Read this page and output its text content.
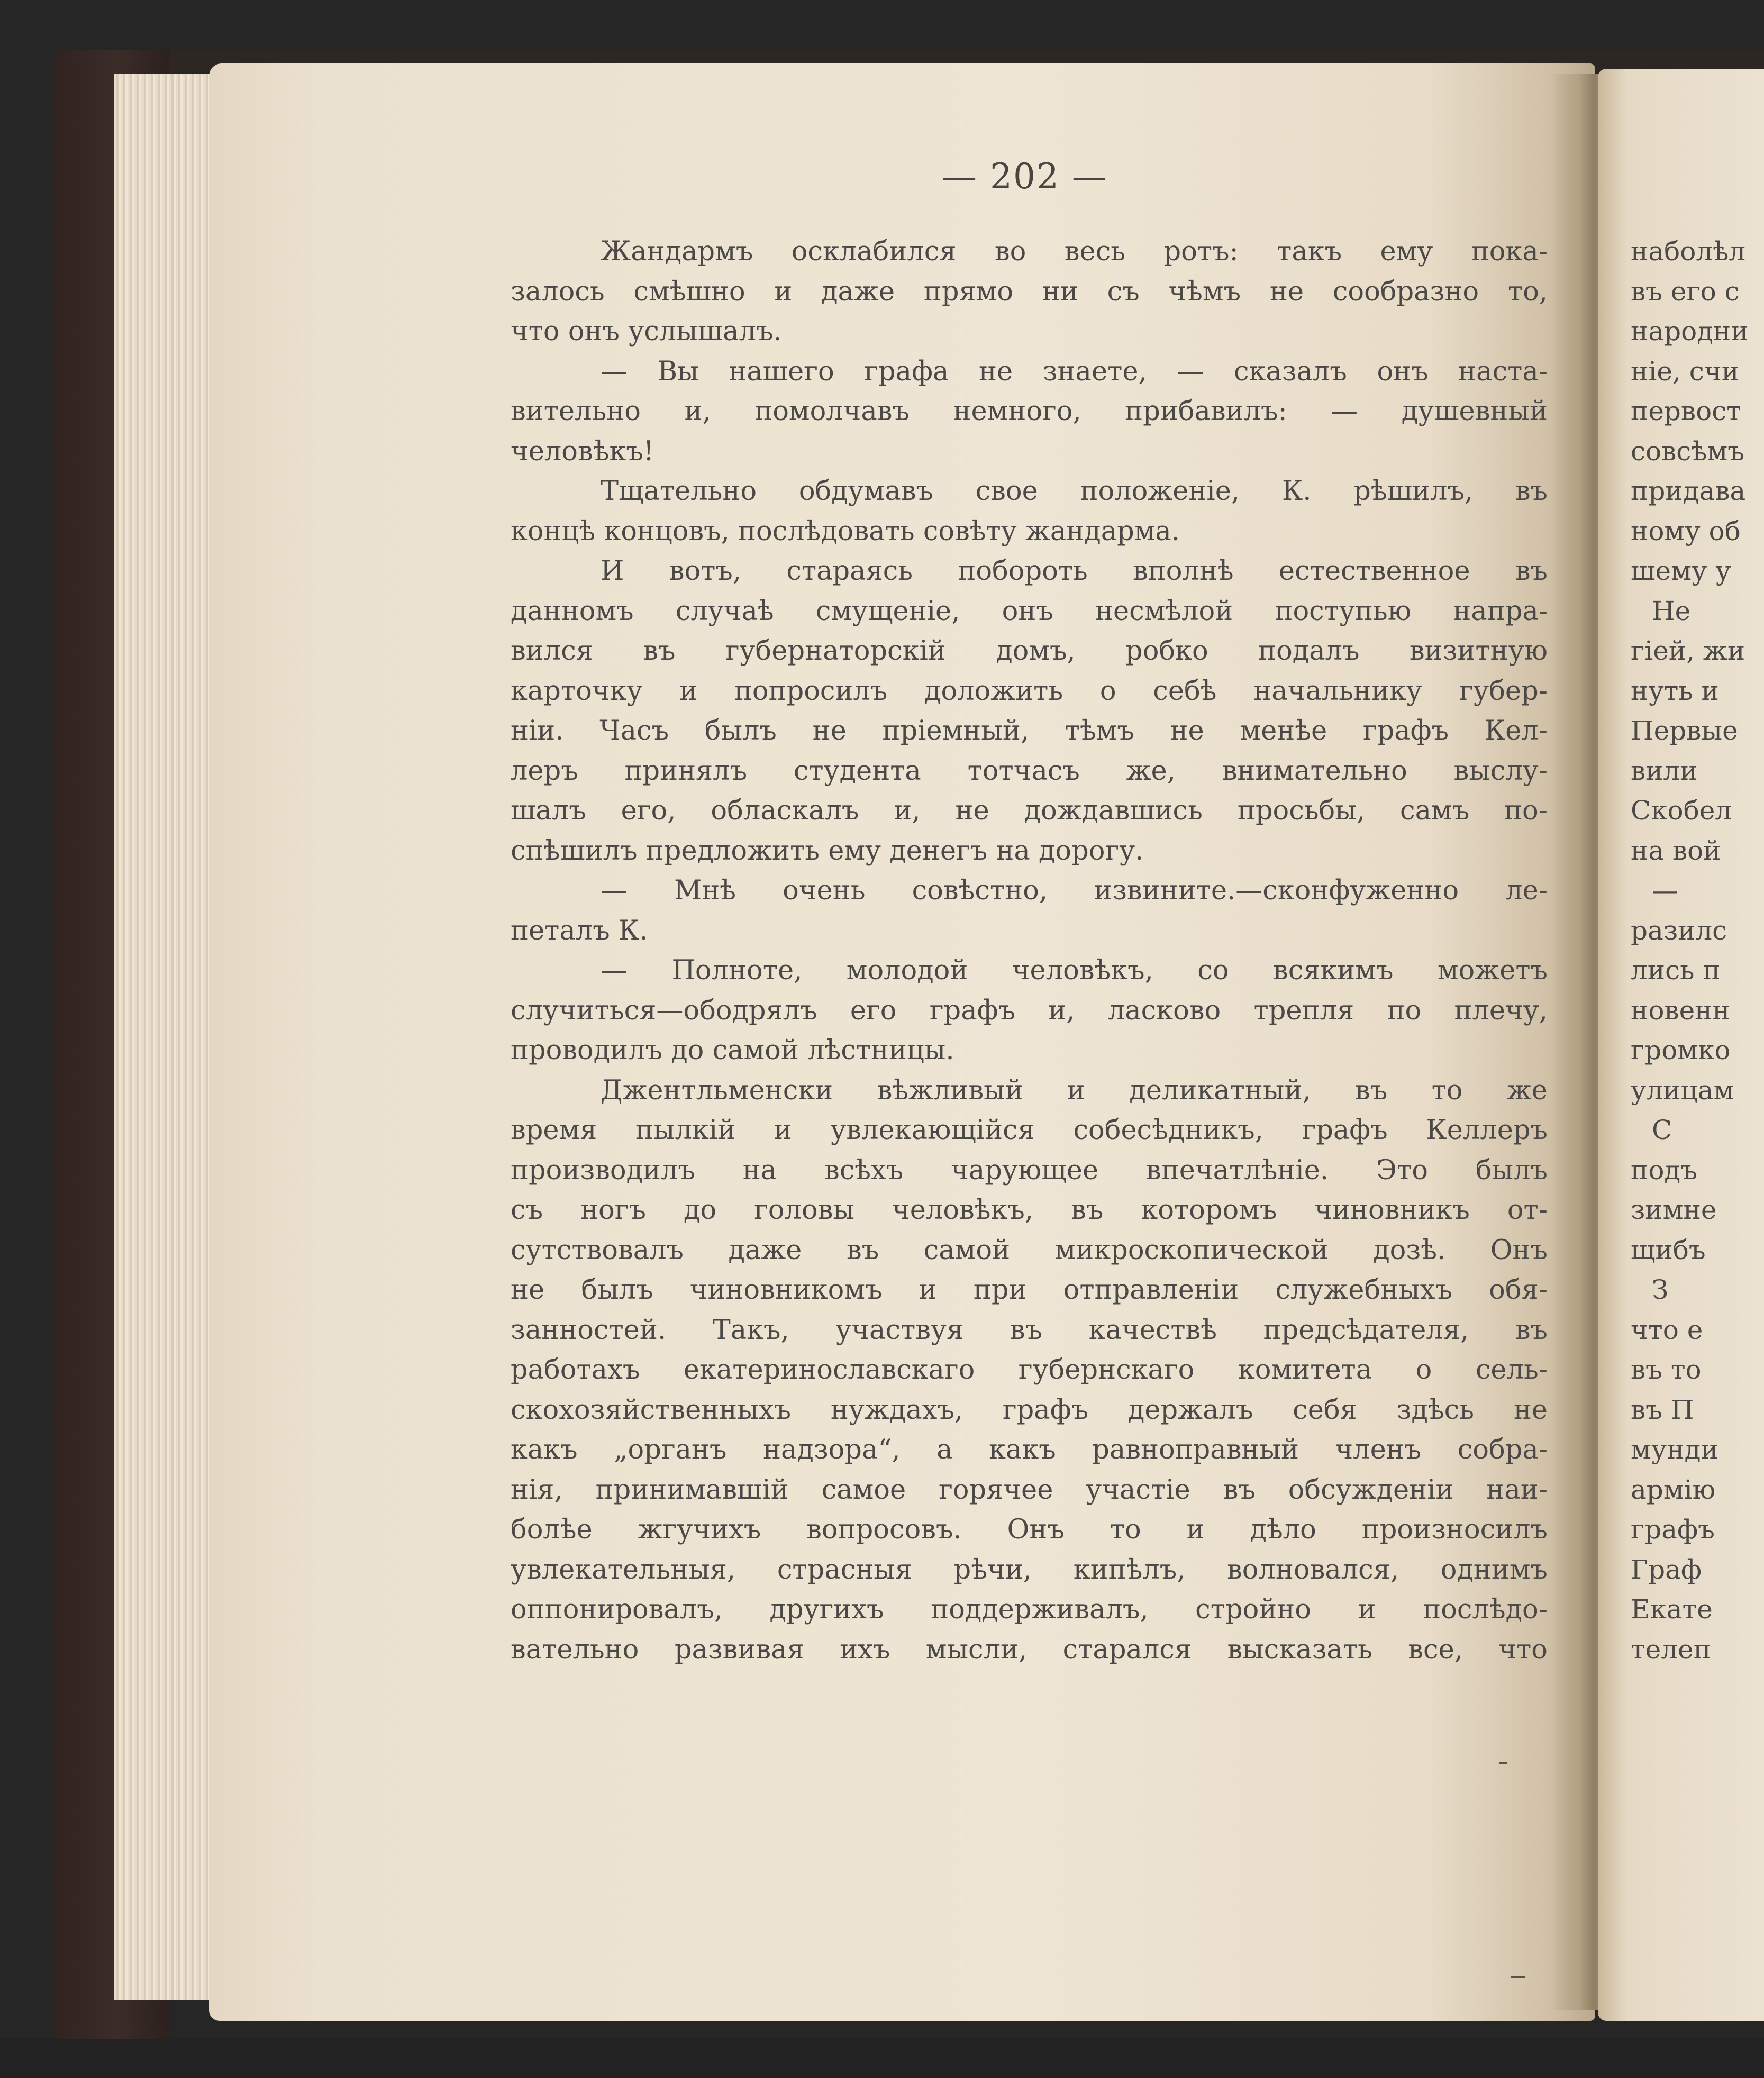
— 202 —
Жандармъ осклабился во весь ротъ: такъ ему пока-
залось смѣшно и даже прямо ни съ чѣмъ не сообразно то,
что онъ услышалъ.
— Вы нашего графа не знаете, — сказалъ онъ наста-
вительно и, помолчавъ немного, прибавилъ: — душевный
человѣкъ!
Тщательно обдумавъ свое положеніе, К. рѣшилъ, въ
концѣ концовъ, послѣдовать совѣту жандарма.
И вотъ, стараясь побороть вполнѣ естественное въ
данномъ случаѣ смущеніе, онъ несмѣлой поступью напра-
вился въ губернаторскій домъ, робко подалъ визитную
карточку и попросилъ доложить о себѣ начальнику губер-
ніи. Часъ былъ не пріемный, тѣмъ не менѣе графъ Кел-
леръ принялъ студента тотчасъ же, внимательно выслу-
шалъ его, обласкалъ и, не дождавшись просьбы, самъ по-
спѣшилъ предложить ему денегъ на дорогу.
— Мнѣ очень совѣстно, извините.—сконфуженно ле-
петалъ К.
— Полноте, молодой человѣкъ, со всякимъ можетъ
случиться—ободрялъ его графъ и, ласково трепля по плечу,
проводилъ до самой лѣстницы.
Джентльменски вѣжливый и деликатный, въ то же
время пылкій и увлекающійся собесѣдникъ, графъ Келлеръ
производилъ на всѣхъ чарующее впечатлѣніе. Это былъ
съ ногъ до головы человѣкъ, въ которомъ чиновникъ от-
сутствовалъ даже въ самой микроскопической дозѣ. Онъ
не былъ чиновникомъ и при отправленіи служебныхъ обя-
занностей. Такъ, участвуя въ качествѣ предсѣдателя, въ
работахъ екатеринославскаго губернскаго комитета о сель-
скохозяйственныхъ нуждахъ, графъ держалъ себя здѣсь не
какъ „органъ надзора“, а какъ равноправный членъ собра-
нія, принимавшій самое горячее участіе въ обсужденіи наи-
болѣе жгучихъ вопросовъ. Онъ то и дѣло произносилъ
увлекательныя, страсныя рѣчи, кипѣлъ, волновался, однимъ
оппонировалъ, другихъ поддерживалъ, стройно и послѣдо-
вательно развивая ихъ мысли, старался высказать все, что
наболѣл
въ его с
народни
ніе, счи
первост
совсѣмъ
придава
ному об
шему у
Не
гіей, жи
нуть и
Первые
вили
Скобел
на вой
—
разилс
лись п
новенн
громко
улицам
С
подъ
зимне
щибъ
З
что е
въ то
въ П
мунди
армію
графъ
Граф
Екате
телеп
